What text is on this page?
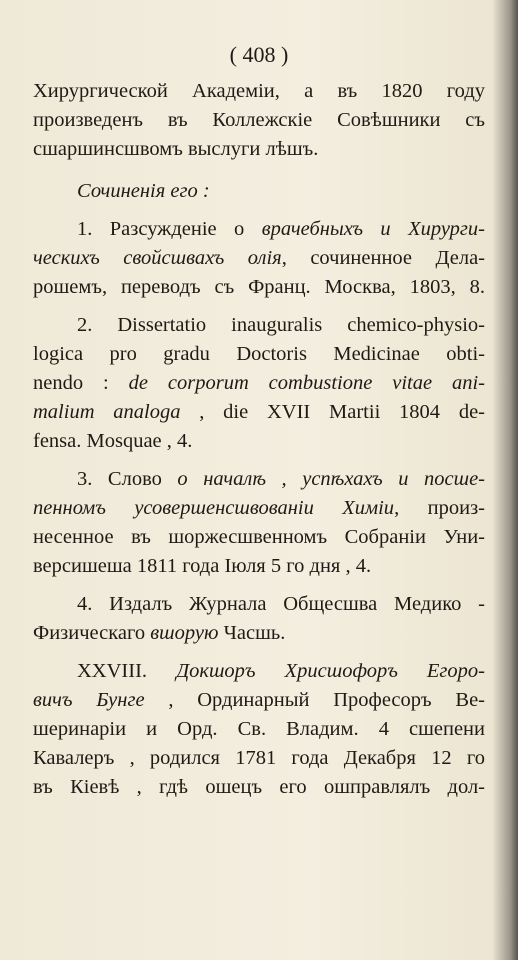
( 408 )
Хирургической Академiи, а въ 1820 году
произведенъ въ Коллежскiе Совѣшники съ
сшаршинсшвомъ выслуги лѣшъ.
Сочиненiя его :
1. Разсужденiе о врачебныхъ и Хирурги-
ческихъ свойсшвахъ олiя, сочиненное Дела-
рошемъ, переводъ съ Франц. Москва, 1803, 8.
2. Dissertatio inauguralis chemico-physio-
logica pro gradu Doctoris Medicinae obti-
nendo : de corporum combustione vitae ani-
malium analoga , die XVII Martii 1804 de-
fensa. Mosquae , 4.
3. Слово о началѣ , успѣхахъ и посше-
пенномъ усовершенсшвованiи Химiи, произ-
несенное въ шоржесшвенномъ Собранiи Уни-
версишеша 1811 года Iюля 5 го дня , 4.
4. Издалъ Журнала Общесшва Медико -
Физическаго вшорую Часшь.
XXVIII. Докшоръ Хрисшофоръ Егоро-
вичъ Бунге , Ординарный Професоръ Ве-
шеринарiи и Орд. Св. Владим. 4 сшепени
Кавалеръ , родился 1781 года Декабря 12 го
въ Кiевѣ , гдѣ ошецъ его ошправлялъ дол-
